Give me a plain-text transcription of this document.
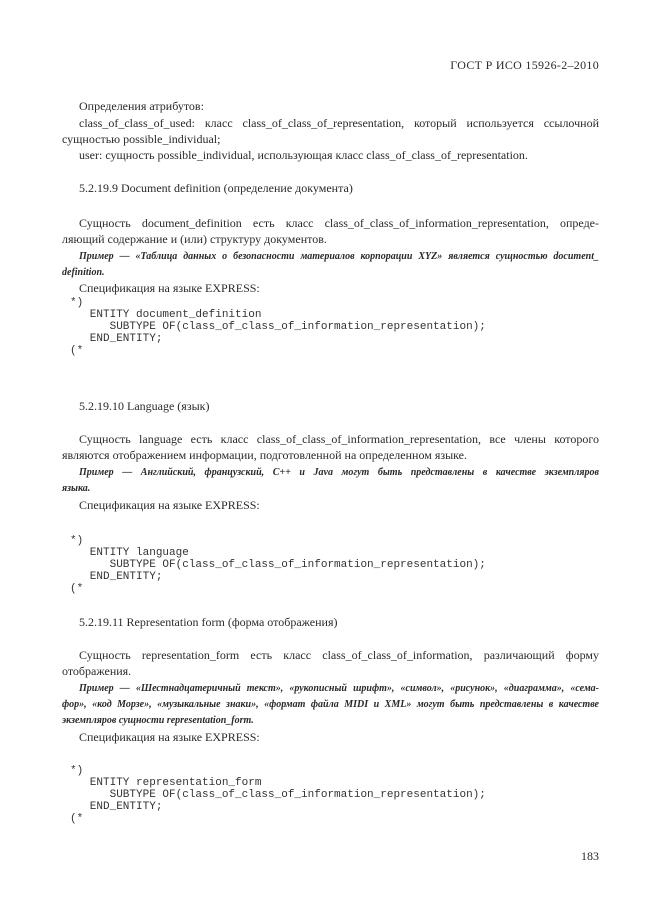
ГОСТ Р ИСО 15926-2–2010
Определения атрибутов:
class_of_class_of_used: класс class_of_class_of_representation, который используется ссылочной
сущностью possible_individual;
user: сущность possible_individual, использующая класс class_of_class_of_representation.
5.2.19.9 Document definition (определение документа)
Сущность document_definition есть класс class_of_class_of_information_representation, опреде-
ляющий содержание и (или) структуру документов.
Пример — «Таблица данных о безопасности материалов корпорации XYZ» является сущностью document_
definition.
Спецификация на языке EXPRESS:
*)
ENTITY document_definition
SUBTYPE OF(class_of_class_of_information_representation);
END_ENTITY;
(*
5.2.19.10 Language (язык)
Сущность language есть класс class_of_class_of_information_representation, все члены которого
являются отображением информации, подготовленной на определенном языке.
Пример — Английский, французский, С++ и Java могут быть представлены в качестве экземпляров
языка.
Спецификация на языке EXPRESS:
*)
ENTITY language
SUBTYPE OF(class_of_class_of_information_representation);
END_ENTITY;
(*
5.2.19.11 Representation form (форма отображения)
Сущность representation_form есть класс class_of_class_of_information, различающий форму
отображения.
Пример — «Шестнадцатеричный текст», «рукописный шрифт», «символ», «рисунок», «диаграмма», «сема-
фор», «код Морзе», «музыкальные знаки», «формат файла MIDI и XML» могут быть представлены в качестве
экземпляров сущности representation_form.
Спецификация на языке EXPRESS:
*)
ENTITY representation_form
SUBTYPE OF(class_of_class_of_information_representation);
END_ENTITY;
(*
183
